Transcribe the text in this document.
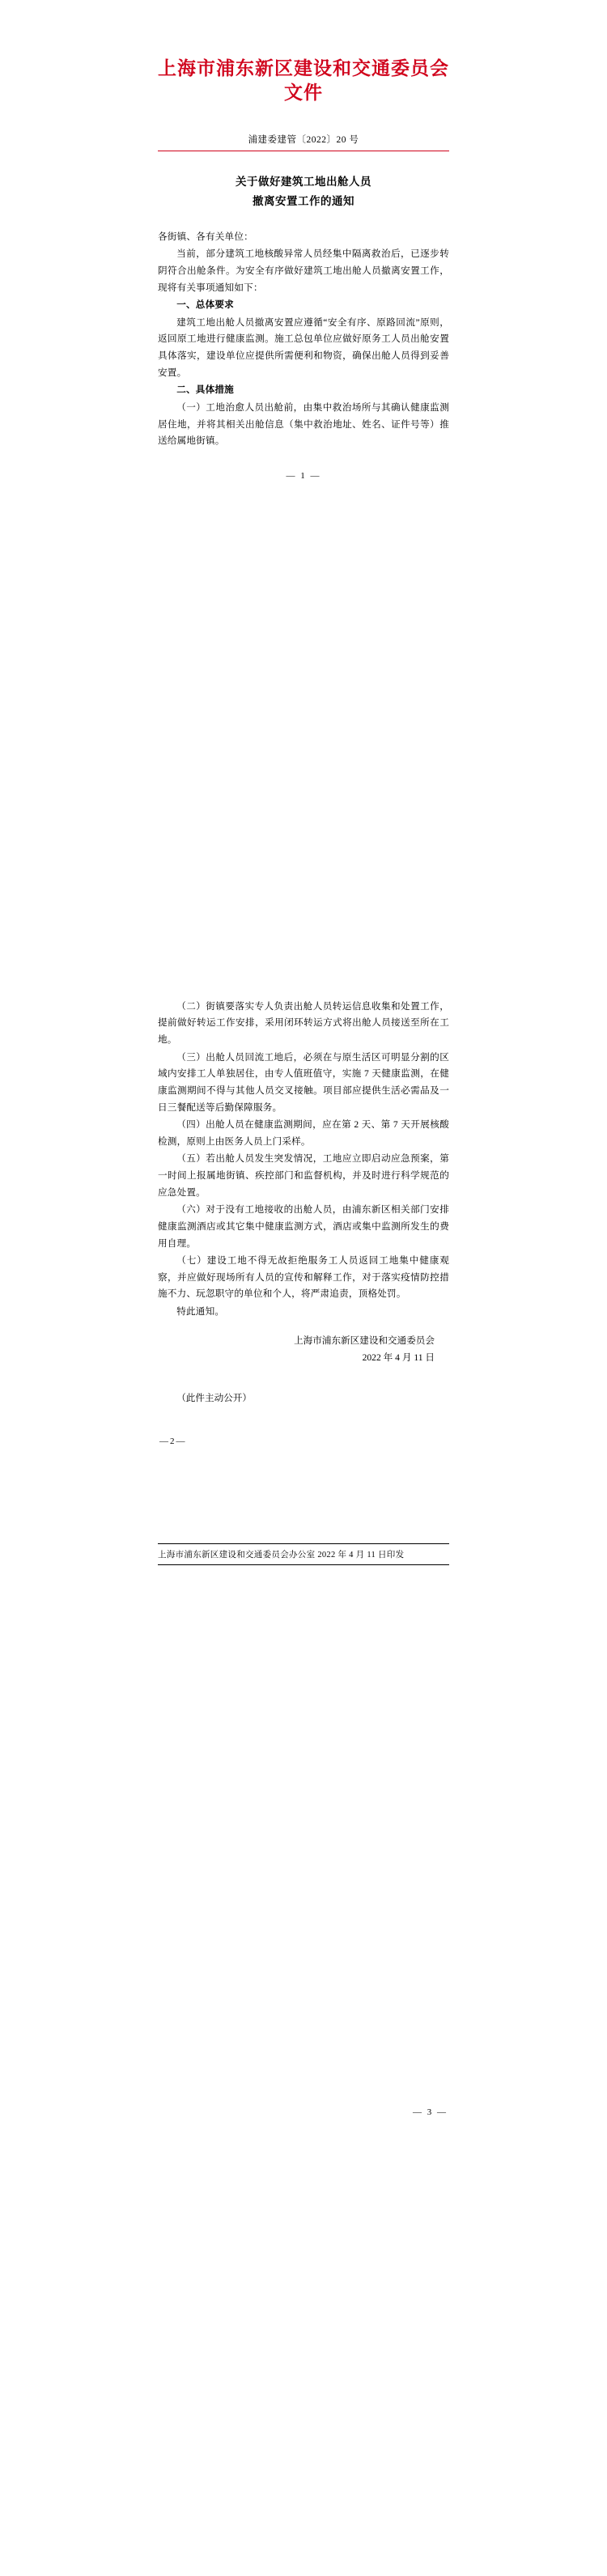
上海市浦东新区建设和交通委员会文件
浦建委建管〔2022〕20 号
关于做好建筑工地出舱人员
撤离安置工作的通知

各街镇、各有关单位：

当前，部分建筑工地核酸异常人员经集中隔离救治后，已逐步转阴符合出舱条件。为安全有序做好建筑工地出舱人员撤离安置工作，现将有关事项通知如下：

一、总体要求

建筑工地出舱人员撤离安置应遵循“安全有序、原路回流”原则，返回原工地进行健康监测。施工总包单位应做好原务工人员出舱安置具体落实，建设单位应提供所需便利和物资，确保出舱人员得到妥善安置。

二、具体措施

（一）工地治愈人员出舱前，由集中救治场所与其确认健康监测居住地，并将其相关出舱信息（集中救治地址、姓名、证件号等）推送给属地街镇。

— 1 —

（二）街镇要落实专人负责出舱人员转运信息收集和处置工作，提前做好转运工作安排，采用闭环转运方式将出舱人员接送至所在工地。

（三）出舱人员回流工地后，必须在与原生活区可明显分割的区域内安排工人单独居住，由专人值班值守，实施 7 天健康监测，在健康监测期间不得与其他人员交叉接触。项目部应提供生活必需品及一日三餐配送等后勤保障服务。

（四）出舱人员在健康监测期间，应在第 2 天、第 7 天开展核酸检测，原则上由医务人员上门采样。

（五）若出舱人员发生突发情况，工地应立即启动应急预案，第一时间上报属地街镇、疾控部门和监督机构，并及时进行科学规范的应急处置。

（六）对于没有工地接收的出舱人员，由浦东新区相关部门安排健康监测酒店或其它集中健康监测方式，酒店或集中监测所发生的费用自理。

（七）建设工地不得无故拒绝服务工人员返回工地集中健康观察，并应做好现场所有人员的宣传和解释工作，对于落实疫情防控措施不力、玩忽职守的单位和个人，将严肃追责，顶格处罚。

特此通知。

上海市浦东新区建设和交通委员会
2022 年 4 月 11 日
（此件主动公开）
—2—
上海市浦东新区建设和交通委员会办公室 2022 年 4 月 11 日印发
— 3 —
